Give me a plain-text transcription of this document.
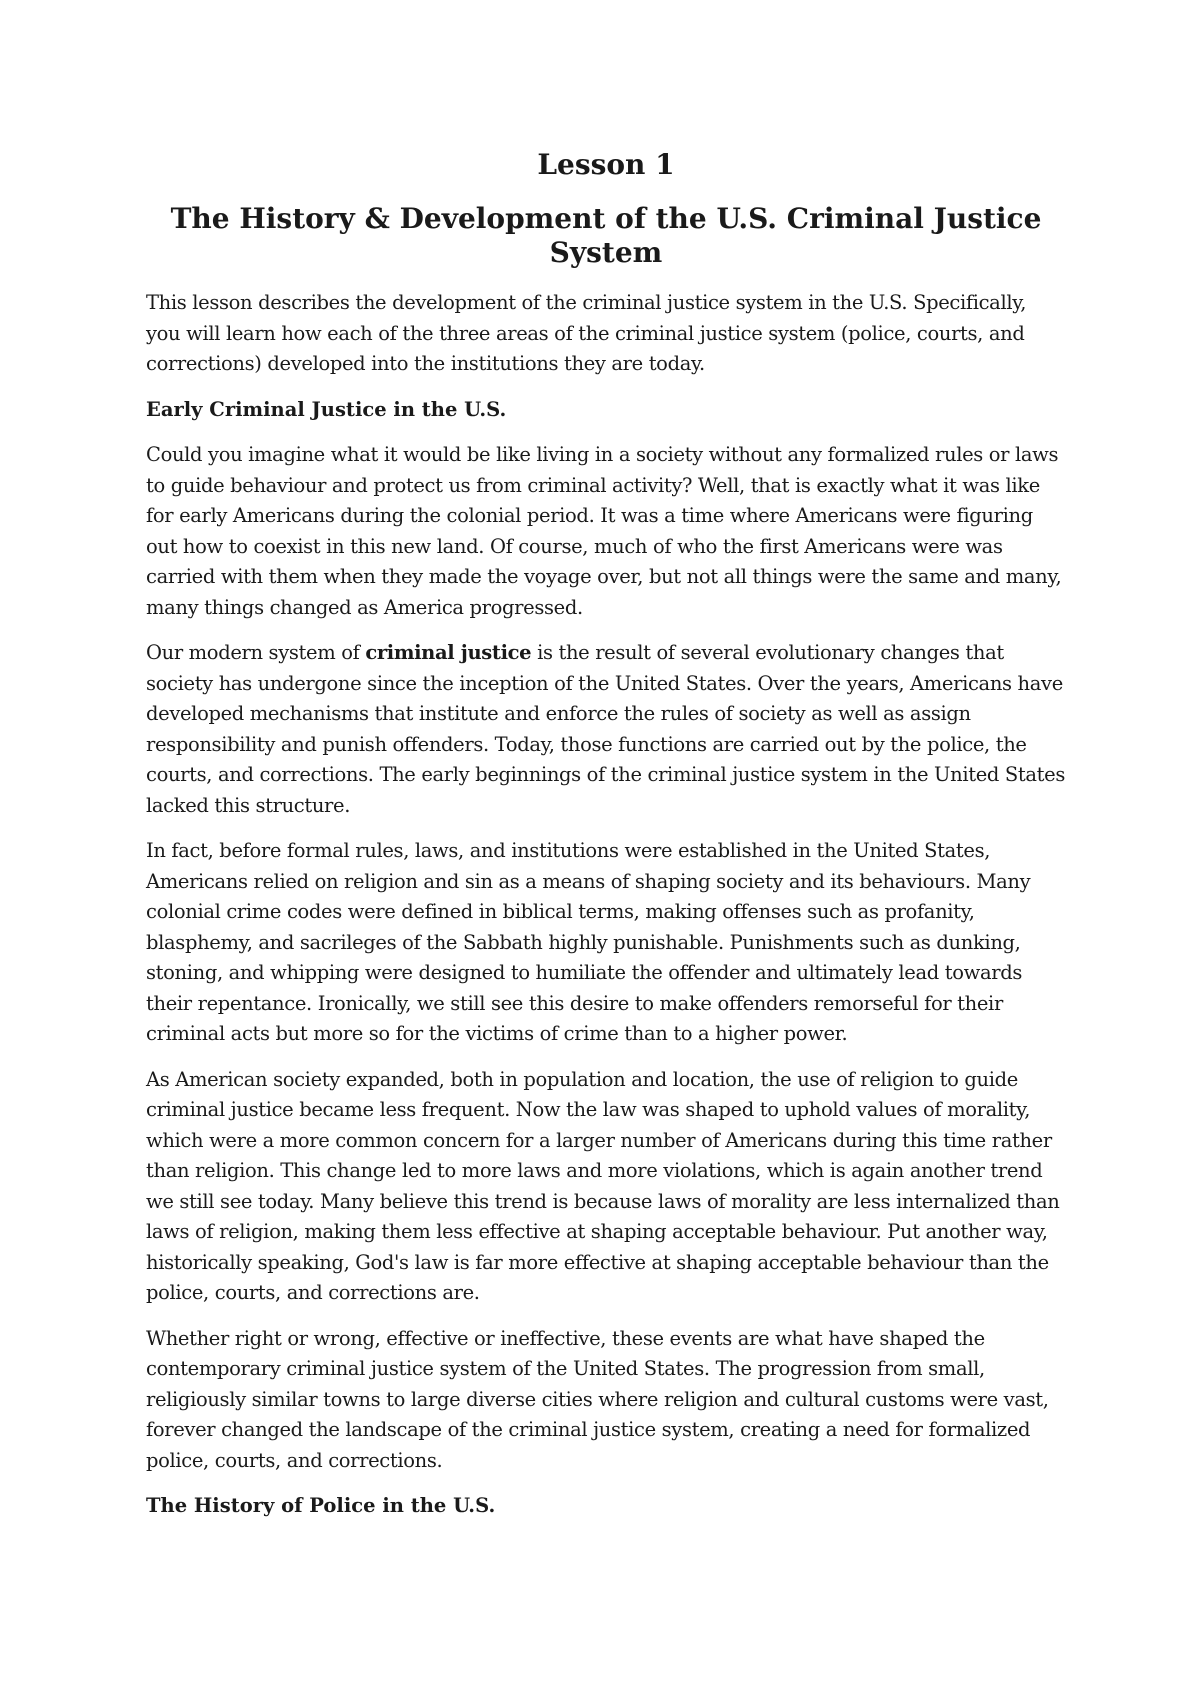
Lesson 1
The History & Development of the U.S. Criminal Justice System

This lesson describes the development of the criminal justice system in the U.S. Specifically, you will learn how each of the three areas of the criminal justice system (police, courts, and corrections) developed into the institutions they are today.

Early Criminal Justice in the U.S.

Could you imagine what it would be like living in a society without any formalized rules or laws to guide behaviour and protect us from criminal activity? Well, that is exactly what it was like for early Americans during the colonial period. It was a time where Americans were figuring out how to coexist in this new land. Of course, much of who the first Americans were was carried with them when they made the voyage over, but not all things were the same and many, many things changed as America progressed.

Our modern system of criminal justice is the result of several evolutionary changes that society has undergone since the inception of the United States. Over the years, Americans have developed mechanisms that institute and enforce the rules of society as well as assign responsibility and punish offenders. Today, those functions are carried out by the police, the courts, and corrections. The early beginnings of the criminal justice system in the United States lacked this structure.

In fact, before formal rules, laws, and institutions were established in the United States, Americans relied on religion and sin as a means of shaping society and its behaviours. Many colonial crime codes were defined in biblical terms, making offenses such as profanity, blasphemy, and sacrileges of the Sabbath highly punishable. Punishments such as dunking, stoning, and whipping were designed to humiliate the offender and ultimately lead towards their repentance. Ironically, we still see this desire to make offenders remorseful for their criminal acts but more so for the victims of crime than to a higher power.

As American society expanded, both in population and location, the use of religion to guide criminal justice became less frequent. Now the law was shaped to uphold values of morality, which were a more common concern for a larger number of Americans during this time rather than religion. This change led to more laws and more violations, which is again another trend we still see today. Many believe this trend is because laws of morality are less internalized than laws of religion, making them less effective at shaping acceptable behaviour. Put another way, historically speaking, God's law is far more effective at shaping acceptable behaviour than the police, courts, and corrections are.

Whether right or wrong, effective or ineffective, these events are what have shaped the contemporary criminal justice system of the United States. The progression from small, religiously similar towns to large diverse cities where religion and cultural customs were vast, forever changed the landscape of the criminal justice system, creating a need for formalized police, courts, and corrections.

The History of Police in the U.S.
